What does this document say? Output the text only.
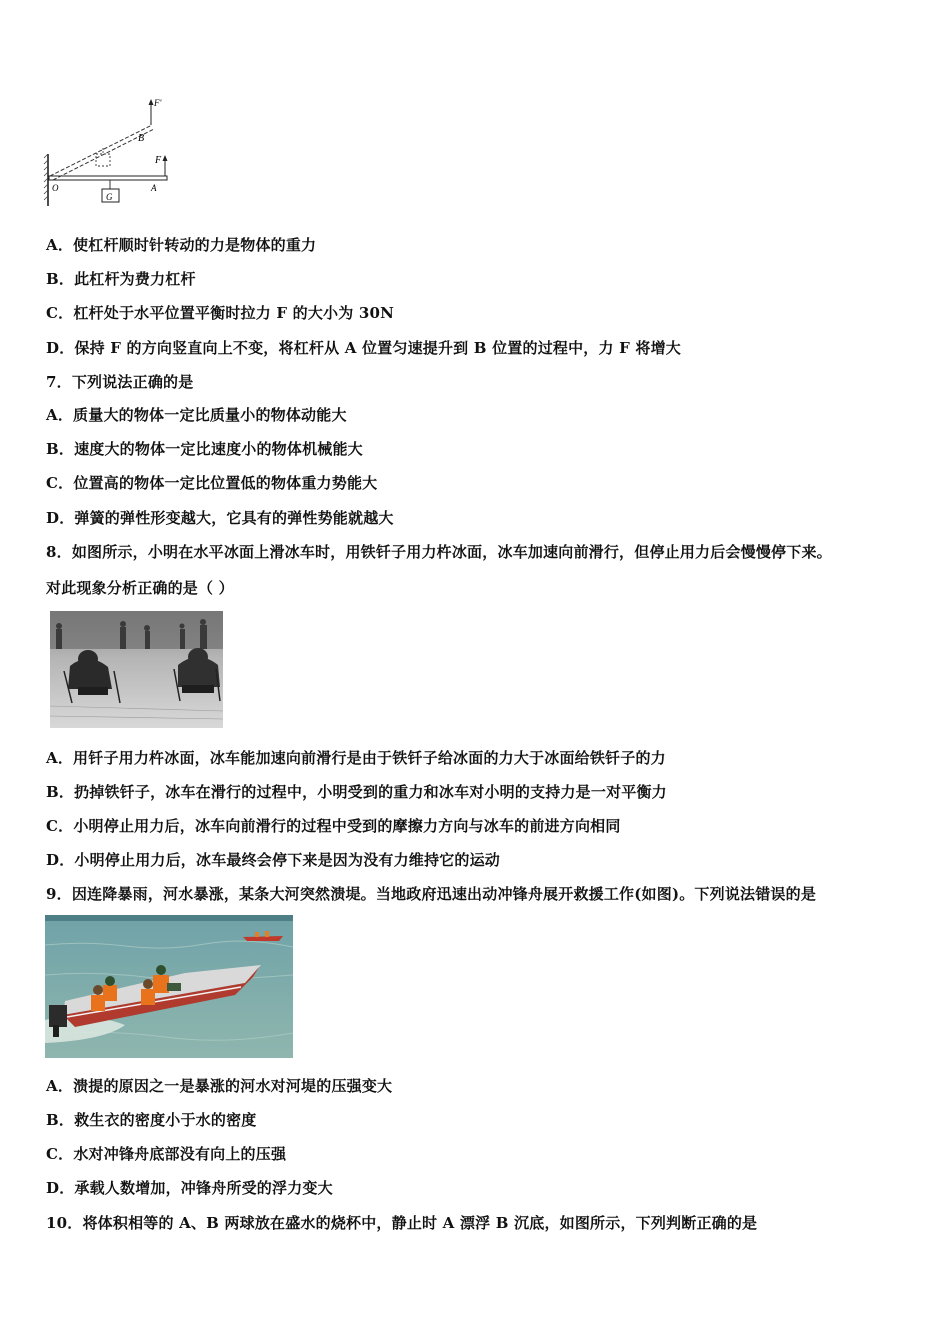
F'
B
F
O	A
G
A．使杠杆顺时针转动的力是物体的重力
B．此杠杆为费力杠杆
C．杠杆处于水平位置平衡时拉力 F 的大小为 30N
D．保持 F 的方向竖直向上不变，将杠杆从 A 位置匀速提升到 B 位置的过程中，力 F 将增大
7．下列说法正确的是
A．质量大的物体一定比质量小的物体动能大
B．速度大的物体一定比速度小的物体机械能大
C．位置高的物体一定比位置低的物体重力势能大
D．弹簧的弹性形变越大，它具有的弹性势能就越大
8．如图所示，小明在水平冰面上滑冰车时，用铁钎子用力杵冰面，冰车加速向前滑行，但停止用力后会慢慢停下来。
对此现象分析正确的是（ ）
A．用钎子用力杵冰面，冰车能加速向前滑行是由于铁钎子给冰面的力大于冰面给铁钎子的力
B．扔掉铁钎子，冰车在滑行的过程中，小明受到的重力和冰车对小明的支持力是一对平衡力
C．小明停止用力后，冰车向前滑行的过程中受到的摩擦力方向与冰车的前进方向相同
D．小明停止用力后，冰车最终会停下来是因为没有力维持它的运动
9．因连降暴雨，河水暴涨，某条大河突然溃堤。当地政府迅速出动冲锋舟展开救援工作(如图)。下列说法错误的是
A．溃提的原因之一是暴涨的河水对河堤的压强变大
B．救生衣的密度小于水的密度
C．水对冲锋舟底部没有向上的压强
D．承载人数增加，冲锋舟所受的浮力变大
10．将体积相等的 A、B 两球放在盛水的烧杯中，静止时 A 漂浮 B 沉底，如图所示，下列判断正确的是
